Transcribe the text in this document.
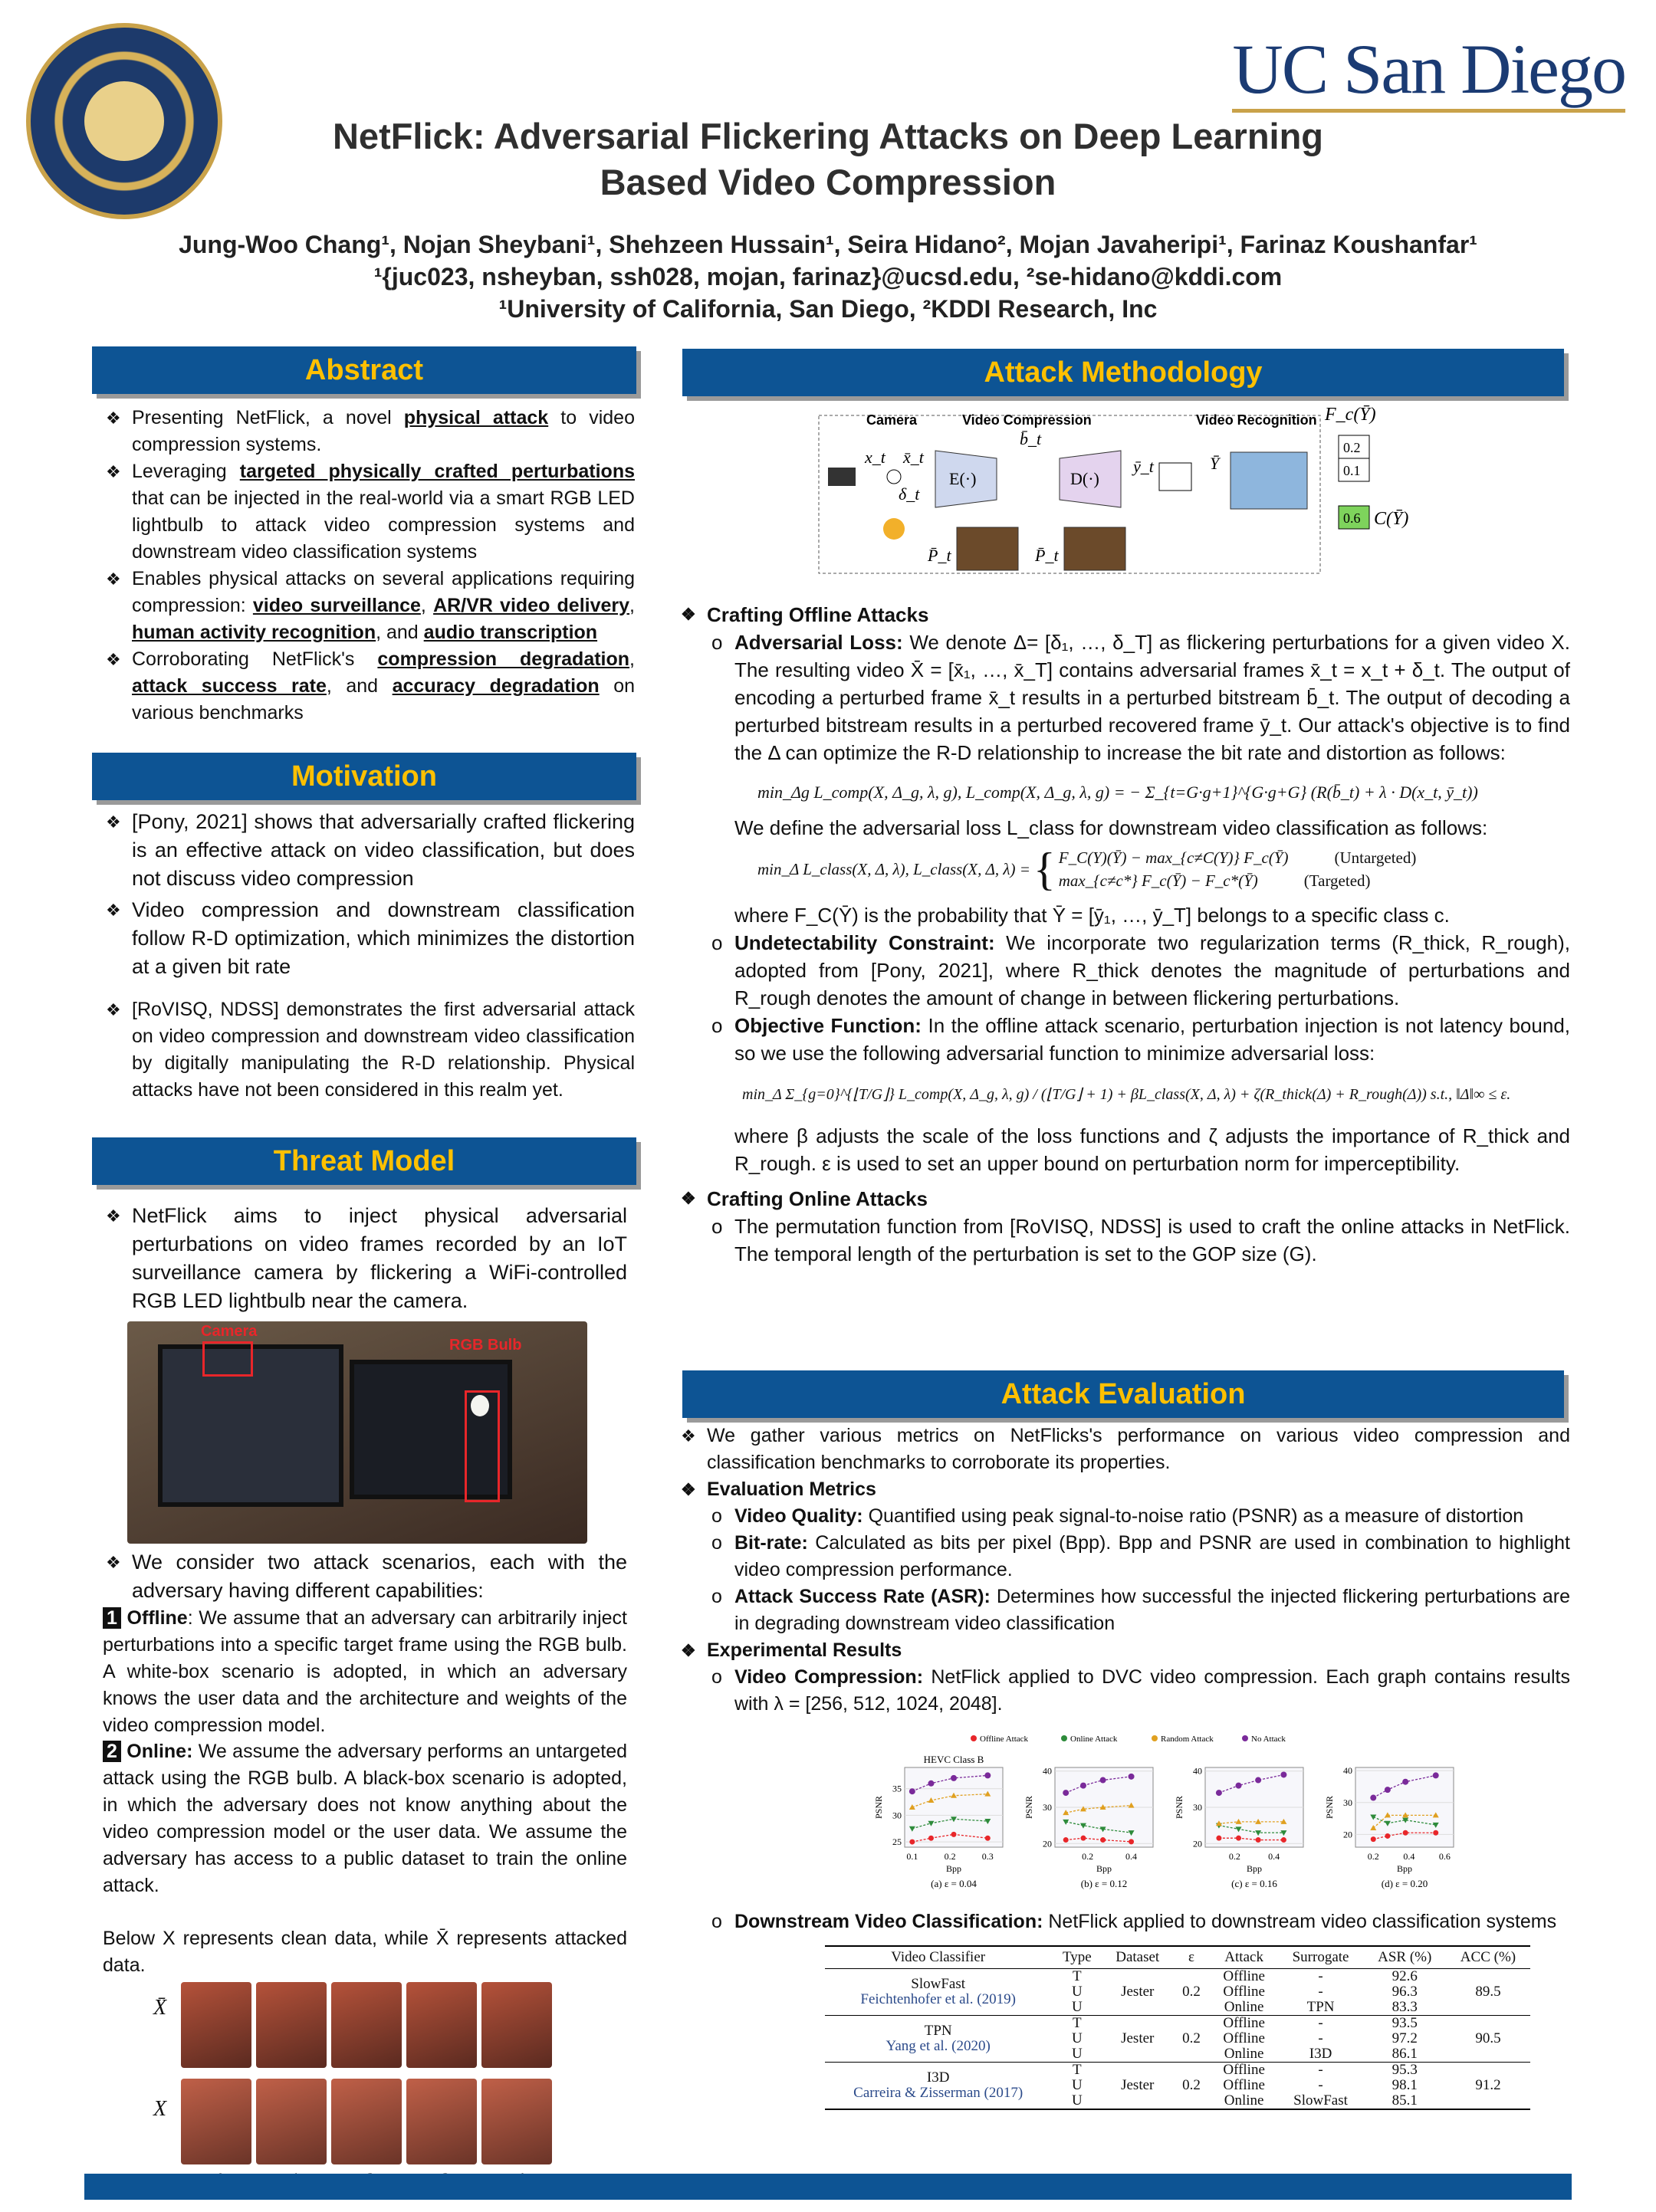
UC San Diego
NetFlick: Adversarial Flickering Attacks on Deep Learning
Based Video Compression
Jung-Woo Chang¹, Nojan Sheybani¹, Shehzeen Hussain¹, Seira Hidano², Mojan Javaheripi¹, Farinaz Koushanfar¹
¹{juc023, nsheyban, ssh028, mojan, farinaz}@ucsd.edu, ²se-hidano@kddi.com
¹University of California, San Diego, ²KDDI Research, Inc
Abstract
❖ Presenting NetFlick, a novel physical attack to video compression systems.
❖ Leveraging targeted physically crafted perturbations that can be injected in the real-world via a smart RGB LED lightbulb to attack video compression systems and downstream video classification systems
❖ Enables physical attacks on several applications requiring compression: video surveillance, AR/VR video delivery, human activity recognition, and audio transcription
❖ Corroborating NetFlick's compression degradation, attack success rate, and accuracy degradation on various benchmarks
Motivation
❖ [Pony, 2021] shows that adversarially crafted flickering is an effective attack on video classification, but does not discuss video compression
❖ Video compression and downstream classification follow R-D optimization, which minimizes the distortion at a given bit rate
❖ [RoVISQ, NDSS] demonstrates the first adversarial attack on video compression and downstream video classification by digitally manipulating the R-D relationship. Physical attacks have not been considered in this realm yet.
Threat Model
❖ NetFlick aims to inject physical adversarial perturbations on video frames recorded by an IoT surveillance camera by flickering a WiFi-controlled RGB LED lightbulb near the camera.
Camera
RGB Bulb
❖ We consider two attack scenarios, each with the adversary having different capabilities:
1 Offline: We assume that an adversary can arbitrarily inject perturbations into a specific target frame using the RGB bulb. A white-box scenario is adopted, in which an adversary knows the user data and the architecture and weights of the video compression model.
2 Online: We assume the adversary performs an untargeted attack using the RGB bulb. A black-box scenario is adopted, in which the adversary does not know anything about the video compression model or the user data. We assume the adversary has access to a public dataset to train the online attack.
Below X represents clean data, while X̄ represents attacked data.
X̄
X
Attack Methodology
Camera	Video Compression	Video Recognition F_c(Ȳ)
x_t x̄_t
δ_t
E(·)	D(·)
b̄_t
ȳ_t	Ȳ
0.2
0.1
0.6 C(Ȳ)
P̄_t	P̄_t
❖ Crafting Offline Attacks
o Adversarial Loss: We denote Δ= [δ₁, …, δ_T] as flickering perturbations for a given video X. The resulting video X̄ = [x̄₁, …, x̄_T] contains adversarial frames x̄_t = x_t + δ_t. The output of encoding a perturbed frame x̄_t results in a perturbed bitstream b̄_t. The output of decoding a perturbed bitstream results in a perturbed recovered frame ȳ_t. Our attack's objective is to find the Δ can optimize the R-D relationship to increase the bit rate and distortion as follows:
min_Δg L_comp(X, Δ_g, λ, g), L_comp(X, Δ_g, λ, g) = − Σ_{t=G·g+1}^{G·g+G} (R(b̄_t) + λ · D(x_t, ȳ_t))
We define the adversarial loss L_class for downstream video classification as follows:
min_Δ L_class(X, Δ, λ), L_class(X, Δ, λ) = { F_C(Y)(Ȳ) − max_{c≠C(Y)} F_c(Ȳ)	(Untargeted)
max_{c≠c*} F_c(Ȳ) − F_c*(Ȳ)	(Targeted)
where F_C(Ȳ) is the probability that Ȳ = [ȳ₁, …, ȳ_T] belongs to a specific class c.
o Undetectability Constraint: We incorporate two regularization terms (R_thick, R_rough), adopted from [Pony, 2021], where R_thick denotes the magnitude of perturbations and R_rough denotes the amount of change in between flickering perturbations.
o Objective Function: In the offline attack scenario, perturbation injection is not latency bound, so we use the following adversarial function to minimize adversarial loss:
min_Δ Σ_{g=0}^{⌊T/G⌋} L_comp(X, Δ_g, λ, g) / (⌊T/G⌋ + 1) + βL_class(X, Δ, λ) + ζ(R_thick(Δ) + R_rough(Δ)) s.t., ‖Δ‖∞ ≤ ε.
where β adjusts the scale of the loss functions and ζ adjusts the importance of R_thick and R_rough. ε is used to set an upper bound on perturbation norm for imperceptibility.
❖ Crafting Online Attacks
o The permutation function from [RoVISQ, NDSS] is used to craft the online attacks in NetFlick. The temporal length of the perturbation is set to the GOP size (G).
Attack Evaluation
❖ We gather various metrics on NetFlicks's performance on various video compression and classification benchmarks to corroborate its properties.
❖ Evaluation Metrics
o Video Quality: Quantified using peak signal-to-noise ratio (PSNR) as a measure of distortion
o Bit-rate: Calculated as bits per pixel (Bpp). Bpp and PSNR are used in combination to highlight video compression performance.
o Attack Success Rate (ASR): Determines how successful the injected flickering perturbations are in degrading downstream video classification
❖ Experimental Results
o Video Compression: NetFlick applied to DVC video compression. Each graph contains results with λ = [256, 512, 1024, 2048].
Offline Attack	Online Attack	Random Attack	No Attack
HEVC Class B
25
30
35
0.1	0.2	0.3
Bpp
PSNR
(a) ε = 0.04
20
30
40
0.2	0.4
Bpp
PSNR
(b) ε = 0.12
20
30
40
0.2	0.4
Bpp
PSNR
(c) ε = 0.16
20
30
40
0.2	0.4	0.6
Bpp
PSNR
(d) ε = 0.20
o Downstream Video Classification: NetFlick applied to downstream video classification systems
Video Classifier	Type	Dataset	ε	Attack	Surrogate	ASR (%)	ACC (%)

SlowFast
Feichtenhofer et al. (2019)	T	Jester	0.2	Offline	-	92.6	89.5
	U			Offline	-	96.3	
	U			Online	TPN	83.3	

TPN
Yang et al. (2020)	T	Jester	0.2	Offline	-	93.5	90.5
	U			Offline	-	97.2	
	U			Online	I3D	86.1	

I3D
Carreira & Zisserman (2017)	T	Jester	0.2	Offline	-	95.3	91.2
	U			Offline	-	98.1	
	U			Online	SlowFast	85.1	
